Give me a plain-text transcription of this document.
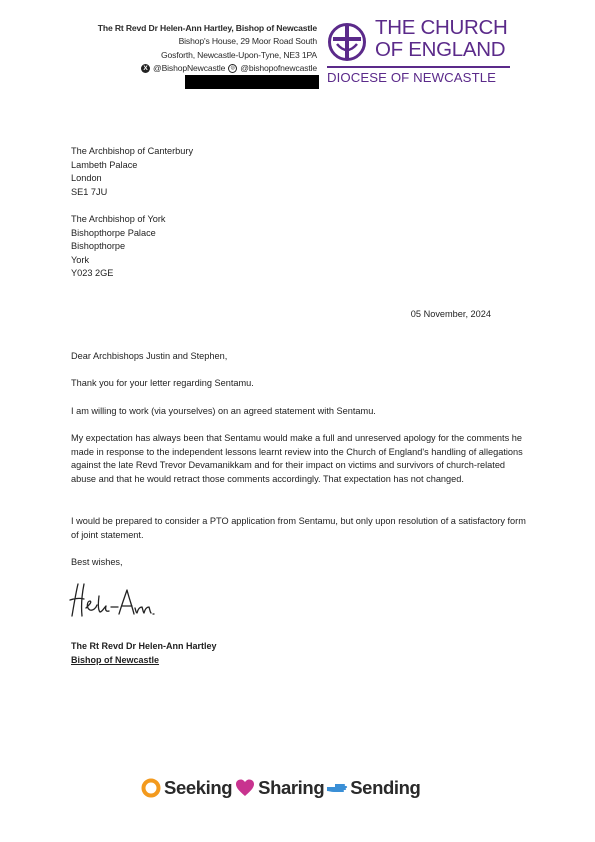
The Rt Revd Dr Helen-Ann Hartley, Bishop of Newcastle
Bishop's House, 29 Moor Road South
Gosforth, Newcastle-Upon-Tyne, NE3 1PA
X @BishopNewcastle	◎ @bishopofnewcastle
THE CHURCH
OF ENGLAND
DIOCESE OF NEWCASTLE
The Archbishop of Canterbury
Lambeth Palace
London
SE1 7JU
The Archbishop of York
Bishopthorpe Palace
Bishopthorpe
York
Y023 2GE
05 November, 2024

Dear Archbishops Justin and Stephen,

Thank you for your letter regarding Sentamu.

I am willing to work (via yourselves) on an agreed statement with Sentamu.

My expectation has always been that Sentamu would make a full and unreserved apology for the comments he made in response to the independent lessons learnt review into the Church of England's handling of allegations against the late Revd Trevor Devamanikkam and for their impact on victims and survivors of church-related abuse and that he would retract those comments accordingly. That expectation has not changed.

I would be prepared to consider a PTO application from Sentamu, but only upon resolution of a satisfactory form of joint statement.

Best wishes,

The Rt Revd Dr Helen-Ann Hartley
Bishop of Newcastle
Seeking Sharing Sending
